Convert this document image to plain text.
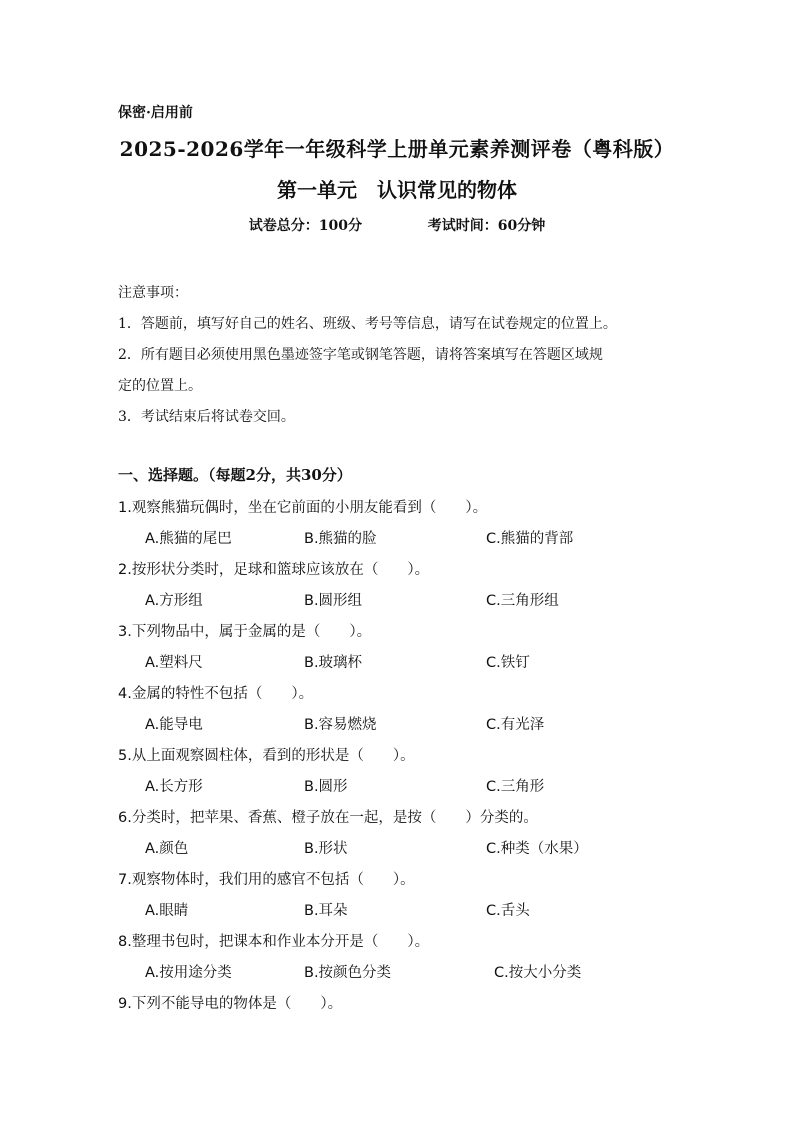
保密·启用前
2025-2026学年一年级科学上册单元素养测评卷（粤科版）
第一单元　认识常见的物体
试卷总分：100分	考试时间：60分钟

注意事项：

1．答题前，填写好自己的姓名、班级、考号等信息，请写在试卷规定的位置上。

2．所有题目必须使用黑色墨迹签字笔或钢笔答题，请将答案填写在答题区域规

定的位置上。

3．考试结束后将试卷交回。

一、选择题。（每题2分，共30分）
1.观察熊猫玩偶时，坐在它前面的小朋友能看到（　　）。
A.熊猫的尾巴	B.熊猫的脸	C.熊猫的背部
2.按形状分类时，足球和篮球应该放在（　　）。
A.方形组	B.圆形组	C.三角形组
3.下列物品中，属于金属的是（　　）。
A.塑料尺	B.玻璃杯	C.铁钉
4.金属的特性不包括（　　）。
A.能导电	B.容易燃烧	C.有光泽
5.从上面观察圆柱体，看到的形状是（　　）。
A.长方形	B.圆形	C.三角形
6.分类时，把苹果、香蕉、橙子放在一起，是按（　　）分类的。
A.颜色	B.形状	C.种类（水果）
7.观察物体时，我们用的感官不包括（　　）。
A.眼睛	B.耳朵	C.舌头
8.整理书包时，把课本和作业本分开是（　　）。
A.按用途分类	B.按颜色分类	C.按大小分类
9.下列不能导电的物体是（　　）。
